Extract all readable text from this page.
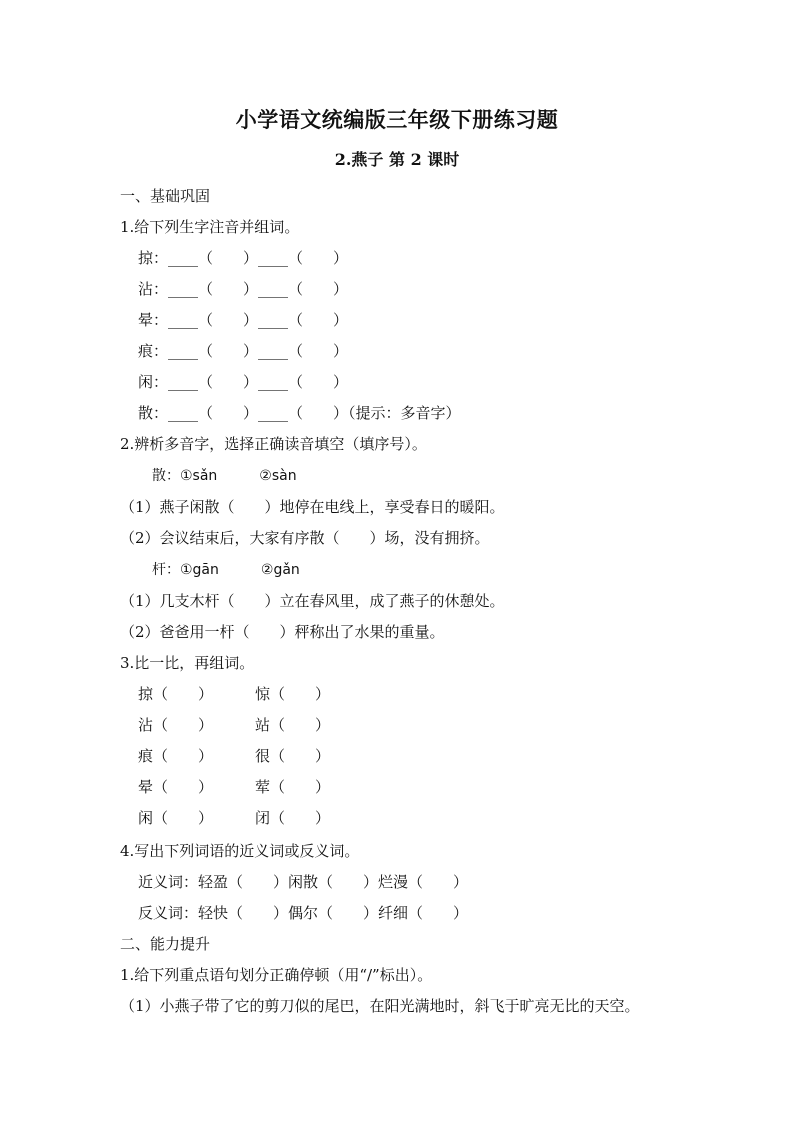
小学语文统编版三年级下册练习题
2.燕子 第 2 课时
一、基础巩固
1.给下列生字注音并组词。
掠：____（　　）____（　　）
沾：____（　　）____（　　）
晕：____（　　）____（　　）
痕：____（　　）____（　　）
闲：____（　　）____（　　）
散：____（　　）____（　　）（提示：多音字）
2.辨析多音字，选择正确读音填空（填序号）。
散：①sǎn　　　②sàn
（1）燕子闲散（　　）地停在电线上，享受春日的暖阳。
（2）会议结束后，大家有序散（　　）场，没有拥挤。
杆：①gān　　　②gǎn
（1）几支木杆（　　）立在春风里，成了燕子的休憩处。
（2）爸爸用一杆（　　）秤称出了水果的重量。
3.比一比，再组词。
掠（　　）	惊（　　）
沾（　　）	站（　　）
痕（　　）	很（　　）
晕（　　）	荤（　　）
闲（　　）	闭（　　）
4.写出下列词语的近义词或反义词。
近义词：轻盈（　　）闲散（　　）烂漫（　　）
反义词：轻快（　　）偶尔（　　）纤细（　　）
二、能力提升
1.给下列重点语句划分正确停顿（用“/”标出）。
（1）小燕子带了它的剪刀似的尾巴，在阳光满地时，斜飞于旷亮无比的天空。
